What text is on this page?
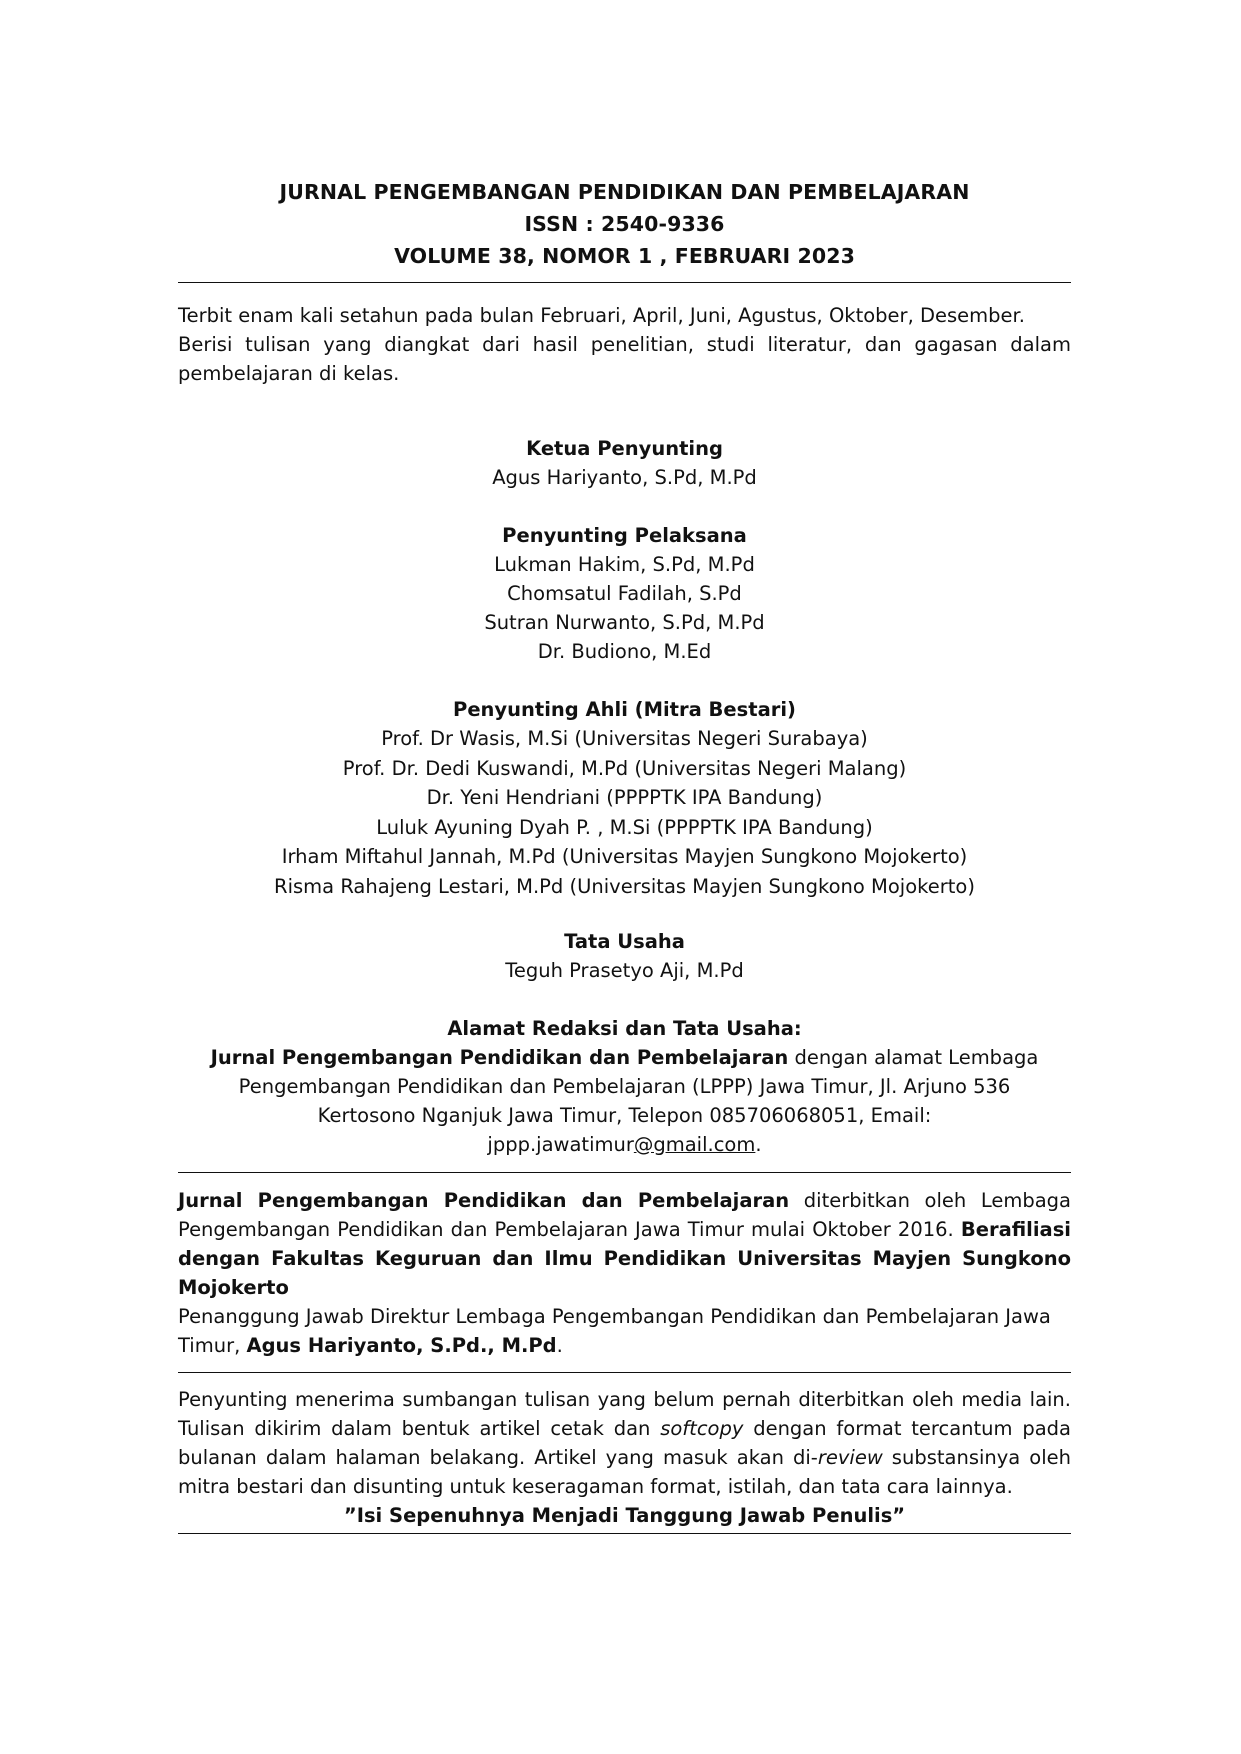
JURNAL PENGEMBANGAN PENDIDIKAN DAN PEMBELAJARAN
ISSN : 2540-9336
VOLUME 38, NOMOR 1 , FEBRUARI 2023
Terbit enam kali setahun pada bulan Februari, April, Juni, Agustus, Oktober, Desember.
Berisi tulisan yang diangkat dari hasil penelitian, studi literatur, dan gagasan dalam pembelajaran di kelas.
Ketua Penyunting
Agus Hariyanto, S.Pd, M.Pd
Penyunting Pelaksana
Lukman Hakim, S.Pd, M.Pd
Chomsatul Fadilah, S.Pd
Sutran Nurwanto, S.Pd, M.Pd
Dr. Budiono, M.Ed
Penyunting Ahli (Mitra Bestari)
Prof. Dr Wasis, M.Si (Universitas Negeri Surabaya)
Prof. Dr. Dedi Kuswandi, M.Pd (Universitas Negeri Malang)
Dr. Yeni Hendriani (PPPPTK IPA Bandung)
Luluk Ayuning Dyah P. , M.Si (PPPPTK IPA Bandung)
Irham Miftahul Jannah, M.Pd (Universitas Mayjen Sungkono Mojokerto)
Risma Rahajeng Lestari, M.Pd (Universitas Mayjen Sungkono Mojokerto)
Tata Usaha
Teguh Prasetyo Aji, M.Pd
Alamat Redaksi dan Tata Usaha:
Jurnal Pengembangan Pendidikan dan Pembelajaran dengan alamat Lembaga Pengembangan Pendidikan dan Pembelajaran (LPPP) Jawa Timur, Jl. Arjuno 536 Kertosono Nganjuk Jawa Timur, Telepon 085706068051, Email: jppp.jawatimur@gmail.com.
Jurnal Pengembangan Pendidikan dan Pembelajaran diterbitkan oleh Lembaga Pengembangan Pendidikan dan Pembelajaran Jawa Timur mulai Oktober 2016. Berafiliasi dengan Fakultas Keguruan dan Ilmu Pendidikan Universitas Mayjen Sungkono Mojokerto
Penanggung Jawab Direktur Lembaga Pengembangan Pendidikan dan Pembelajaran Jawa Timur, Agus Hariyanto, S.Pd., M.Pd.
Penyunting menerima sumbangan tulisan yang belum pernah diterbitkan oleh media lain. Tulisan dikirim dalam bentuk artikel cetak dan softcopy dengan format tercantum pada bulanan dalam halaman belakang. Artikel yang masuk akan di-review substansinya oleh mitra bestari dan disunting untuk keseragaman format, istilah, dan tata cara lainnya.
”Isi Sepenuhnya Menjadi Tanggung Jawab Penulis”
